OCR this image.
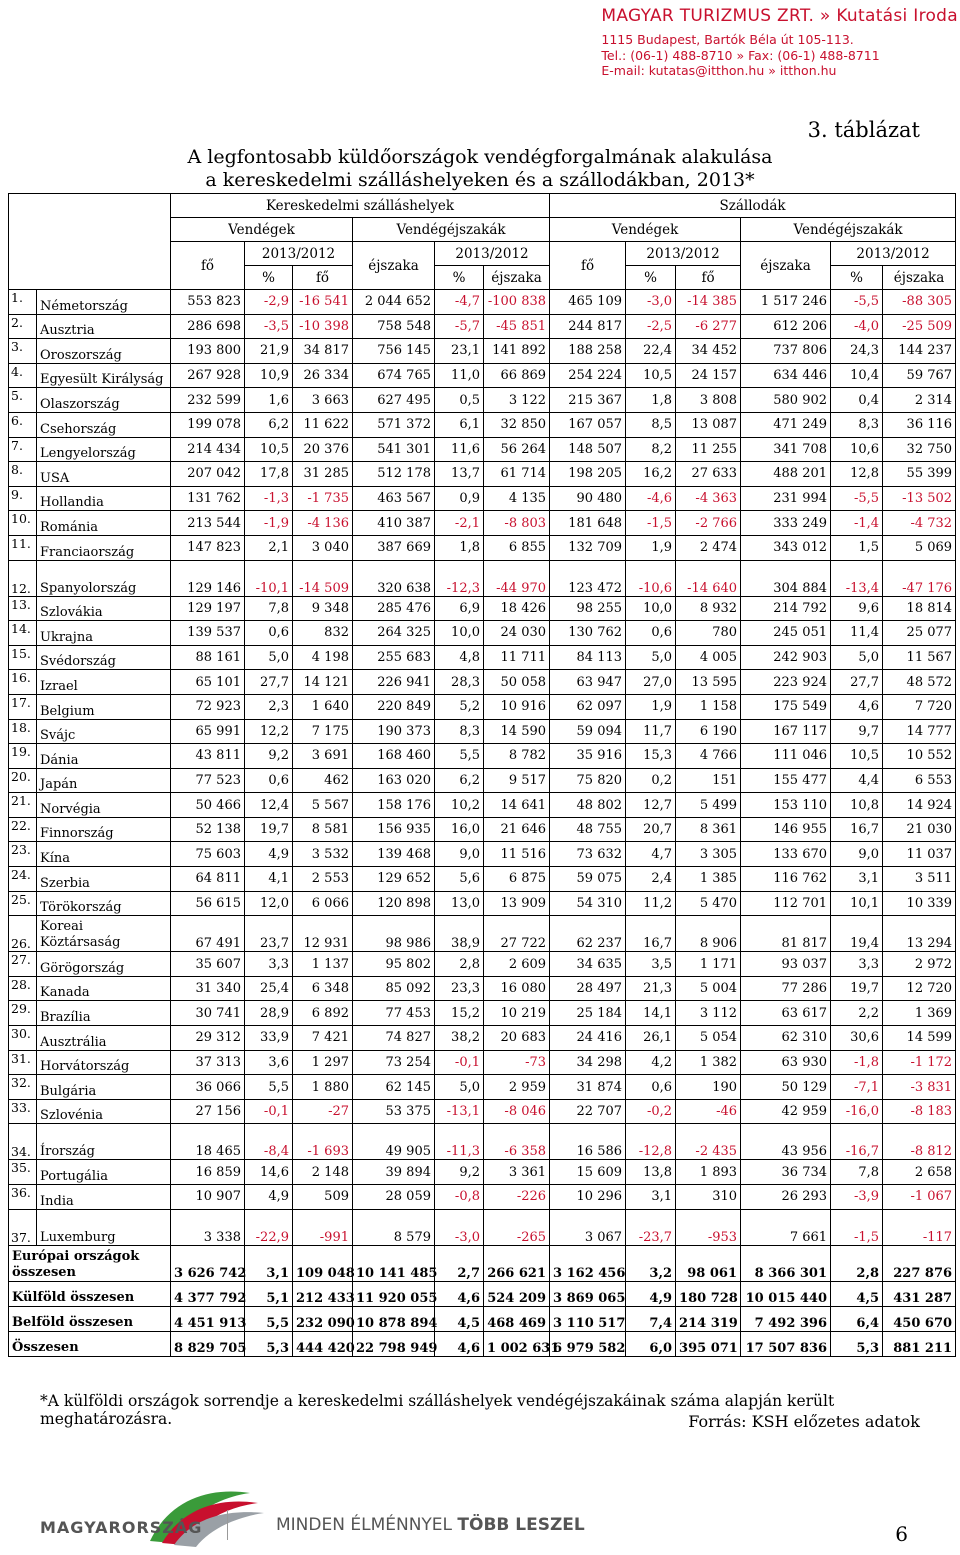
MAGYAR TURIZMUS ZRT. » Kutatási Iroda
1115 Budapest, Bartók Béla út 105-113.
Tel.: (06-1) 488-8710 » Fax: (06-1) 488-8711
E-mail: kutatas@itthon.hu » itthon.hu
3. táblázat
A legfontosabb küldőországok vendégforgalmának alakulása
a kereskedelmi szálláshelyeken és a szállodákban, 2013*
		Kereskedelmi szálláshelyek						Szállodák					
		Vendégek			Vendégéjszakák			Vendégek			Vendégéjszakák		
		fő	2013/2012		éjszaka	2013/2012		fő	2013/2012		éjszaka	2013/2012	
			%	fő		%	éjszaka		%	fő		%	éjszaka
1.	Németország	553 823	-2,9	-16 541	2 044 652	-4,7	-100 838	465 109	-3,0	-14 385	1 517 246	-5,5	-88 305
2.	Ausztria	286 698	-3,5	-10 398	758 548	-5,7	-45 851	244 817	-2,5	-6 277	612 206	-4,0	-25 509
3.	Oroszország	193 800	21,9	34 817	756 145	23,1	141 892	188 258	22,4	34 452	737 806	24,3	144 237
4.	Egyesült Királyság	267 928	10,9	26 334	674 765	11,0	66 869	254 224	10,5	24 157	634 446	10,4	59 767
5.	Olaszország	232 599	1,6	3 663	627 495	0,5	3 122	215 367	1,8	3 808	580 902	0,4	2 314
6.	Csehország	199 078	6,2	11 622	571 372	6,1	32 850	167 057	8,5	13 087	471 249	8,3	36 116
7.	Lengyelország	214 434	10,5	20 376	541 301	11,6	56 264	148 507	8,2	11 255	341 708	10,6	32 750
8.	USA	207 042	17,8	31 285	512 178	13,7	61 714	198 205	16,2	27 633	488 201	12,8	55 399
9.	Hollandia	131 762	-1,3	-1 735	463 567	0,9	4 135	90 480	-4,6	-4 363	231 994	-5,5	-13 502
10.	Románia	213 544	-1,9	-4 136	410 387	-2,1	-8 803	181 648	-1,5	-2 766	333 249	-1,4	-4 732
11.	Franciaország	147 823	2,1	3 040	387 669	1,8	6 855	132 709	1,9	2 474	343 012	1,5	5 069
12.	Spanyolország	129 146	-10,1	-14 509	320 638	-12,3	-44 970	123 472	-10,6	-14 640	304 884	-13,4	-47 176
13.	Szlovákia	129 197	7,8	9 348	285 476	6,9	18 426	98 255	10,0	8 932	214 792	9,6	18 814
14.	Ukrajna	139 537	0,6	832	264 325	10,0	24 030	130 762	0,6	780	245 051	11,4	25 077
15.	Svédország	88 161	5,0	4 198	255 683	4,8	11 711	84 113	5,0	4 005	242 903	5,0	11 567
16.	Izrael	65 101	27,7	14 121	226 941	28,3	50 058	63 947	27,0	13 595	223 924	27,7	48 572
17.	Belgium	72 923	2,3	1 640	220 849	5,2	10 916	62 097	1,9	1 158	175 549	4,6	7 720
18.	Svájc	65 991	12,2	7 175	190 373	8,3	14 590	59 094	11,7	6 190	167 117	9,7	14 777
19.	Dánia	43 811	9,2	3 691	168 460	5,5	8 782	35 916	15,3	4 766	111 046	10,5	10 552
20.	Japán	77 523	0,6	462	163 020	6,2	9 517	75 820	0,2	151	155 477	4,4	6 553
21.	Norvégia	50 466	12,4	5 567	158 176	10,2	14 641	48 802	12,7	5 499	153 110	10,8	14 924
22.	Finnország	52 138	19,7	8 581	156 935	16,0	21 646	48 755	20,7	8 361	146 955	16,7	21 030
23.	Kína	75 603	4,9	3 532	139 468	9,0	11 516	73 632	4,7	3 305	133 670	9,0	11 037
24.	Szerbia	64 811	4,1	2 553	129 652	5,6	6 875	59 075	2,4	1 385	116 762	3,1	3 511
25.	Törökország	56 615	12,0	6 066	120 898	13,0	13 909	54 310	11,2	5 470	112 701	10,1	10 339
26.	Koreai Köztársaság	67 491	23,7	12 931	98 986	38,9	27 722	62 237	16,7	8 906	81 817	19,4	13 294
27.	Görögország	35 607	3,3	1 137	95 802	2,8	2 609	34 635	3,5	1 171	93 037	3,3	2 972
28.	Kanada	31 340	25,4	6 348	85 092	23,3	16 080	28 497	21,3	5 004	77 286	19,7	12 720
29.	Brazília	30 741	28,9	6 892	77 453	15,2	10 219	25 184	14,1	3 112	63 617	2,2	1 369
30.	Ausztrália	29 312	33,9	7 421	74 827	38,2	20 683	24 416	26,1	5 054	62 310	30,6	14 599
31.	Horvátország	37 313	3,6	1 297	73 254	-0,1	-73	34 298	4,2	1 382	63 930	-1,8	-1 172
32.	Bulgária	36 066	5,5	1 880	62 145	5,0	2 959	31 874	0,6	190	50 129	-7,1	-3 831
33.	Szlovénia	27 156	-0,1	-27	53 375	-13,1	-8 046	22 707	-0,2	-46	42 959	-16,0	-8 183
34.	Írország	18 465	-8,4	-1 693	49 905	-11,3	-6 358	16 586	-12,8	-2 435	43 956	-16,7	-8 812
35.	Portugália	16 859	14,6	2 148	39 894	9,2	3 361	15 609	13,8	1 893	36 734	7,8	2 658
36.	India	10 907	4,9	509	28 059	-0,8	-226	10 296	3,1	310	26 293	-3,9	-1 067
37.	Luxemburg	3 338	-22,9	-991	8 579	-3,0	-265	3 067	-23,7	-953	7 661	-1,5	-117
Európai országok összesen		3 626 742	3,1	109 048	10 141 485	2,7	266 621	3 162 456	3,2	98 061	8 366 301	2,8	227 876
Külföld összesen		4 377 792	5,1	212 433	11 920 055	4,6	524 209	3 869 065	4,9	180 728	10 015 440	4,5	431 287
Belföld összesen		4 451 913	5,5	232 090	10 878 894	4,5	468 469	3 110 517	7,4	214 319	7 492 396	6,4	450 670
Összesen		8 829 705	5,3	444 420	22 798 949	4,6	1 002 631	6 979 582	6,0	395 071	17 507 836	5,3	881 211
*A külföldi országok sorrendje a kereskedelmi szálláshelyek vendégéjszakáinak száma alapján került meghatározásra.	Forrás: KSH előzetes adatok
MAGYARORSZÁG	MINDEN ÉLMÉNNYEL TÖBB LESZEL	6
